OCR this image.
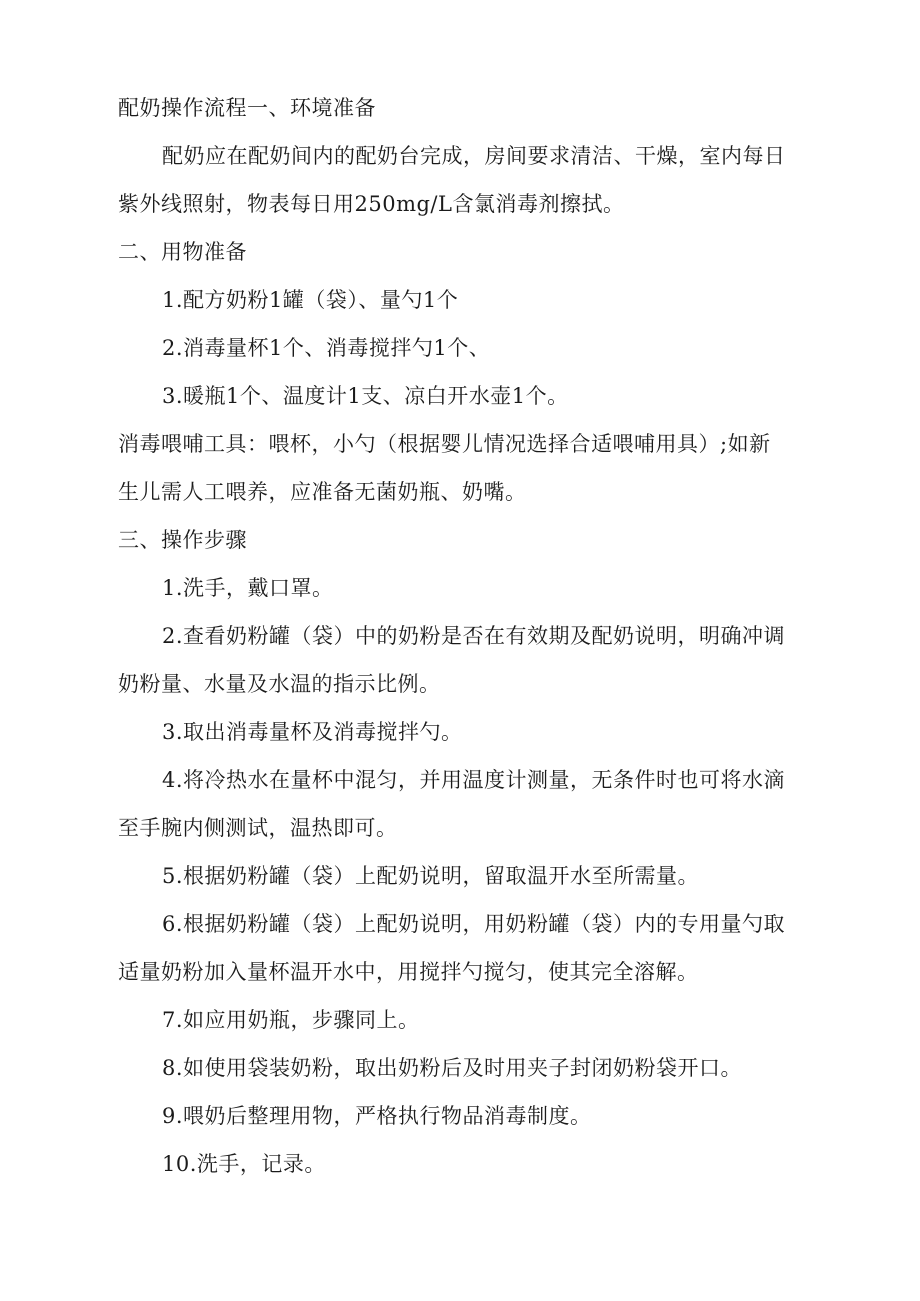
配奶操作流程一、环境准备

配奶应在配奶间内的配奶台完成，房间要求清洁、干燥，室内每日

紫外线照射，物表每日用250mg/L含氯消毒剂擦拭。

二、用物准备

1.配方奶粉1罐（袋）、量勺1个

2.消毒量杯1个、消毒搅拌勺1个、

3.暖瓶1个、温度计1支、凉白开水壶1个。

消毒喂哺工具：喂杯，小勺（根据婴儿情况选择合适喂哺用具）;如新

生儿需人工喂养，应准备无菌奶瓶、奶嘴。

三、操作步骤

1.洗手，戴口罩。

2.查看奶粉罐（袋）中的奶粉是否在有效期及配奶说明，明确冲调

奶粉量、水量及水温的指示比例。

3.取出消毒量杯及消毒搅拌勺。

4.将冷热水在量杯中混匀，并用温度计测量，无条件时也可将水滴

至手腕内侧测试，温热即可。

5.根据奶粉罐（袋）上配奶说明，留取温开水至所需量。

6.根据奶粉罐（袋）上配奶说明，用奶粉罐（袋）内的专用量勺取

适量奶粉加入量杯温开水中，用搅拌勺搅匀，使其完全溶解。

7.如应用奶瓶，步骤同上。

8.如使用袋装奶粉，取出奶粉后及时用夹子封闭奶粉袋开口。

9.喂奶后整理用物，严格执行物品消毒制度。

10.洗手，记录。
